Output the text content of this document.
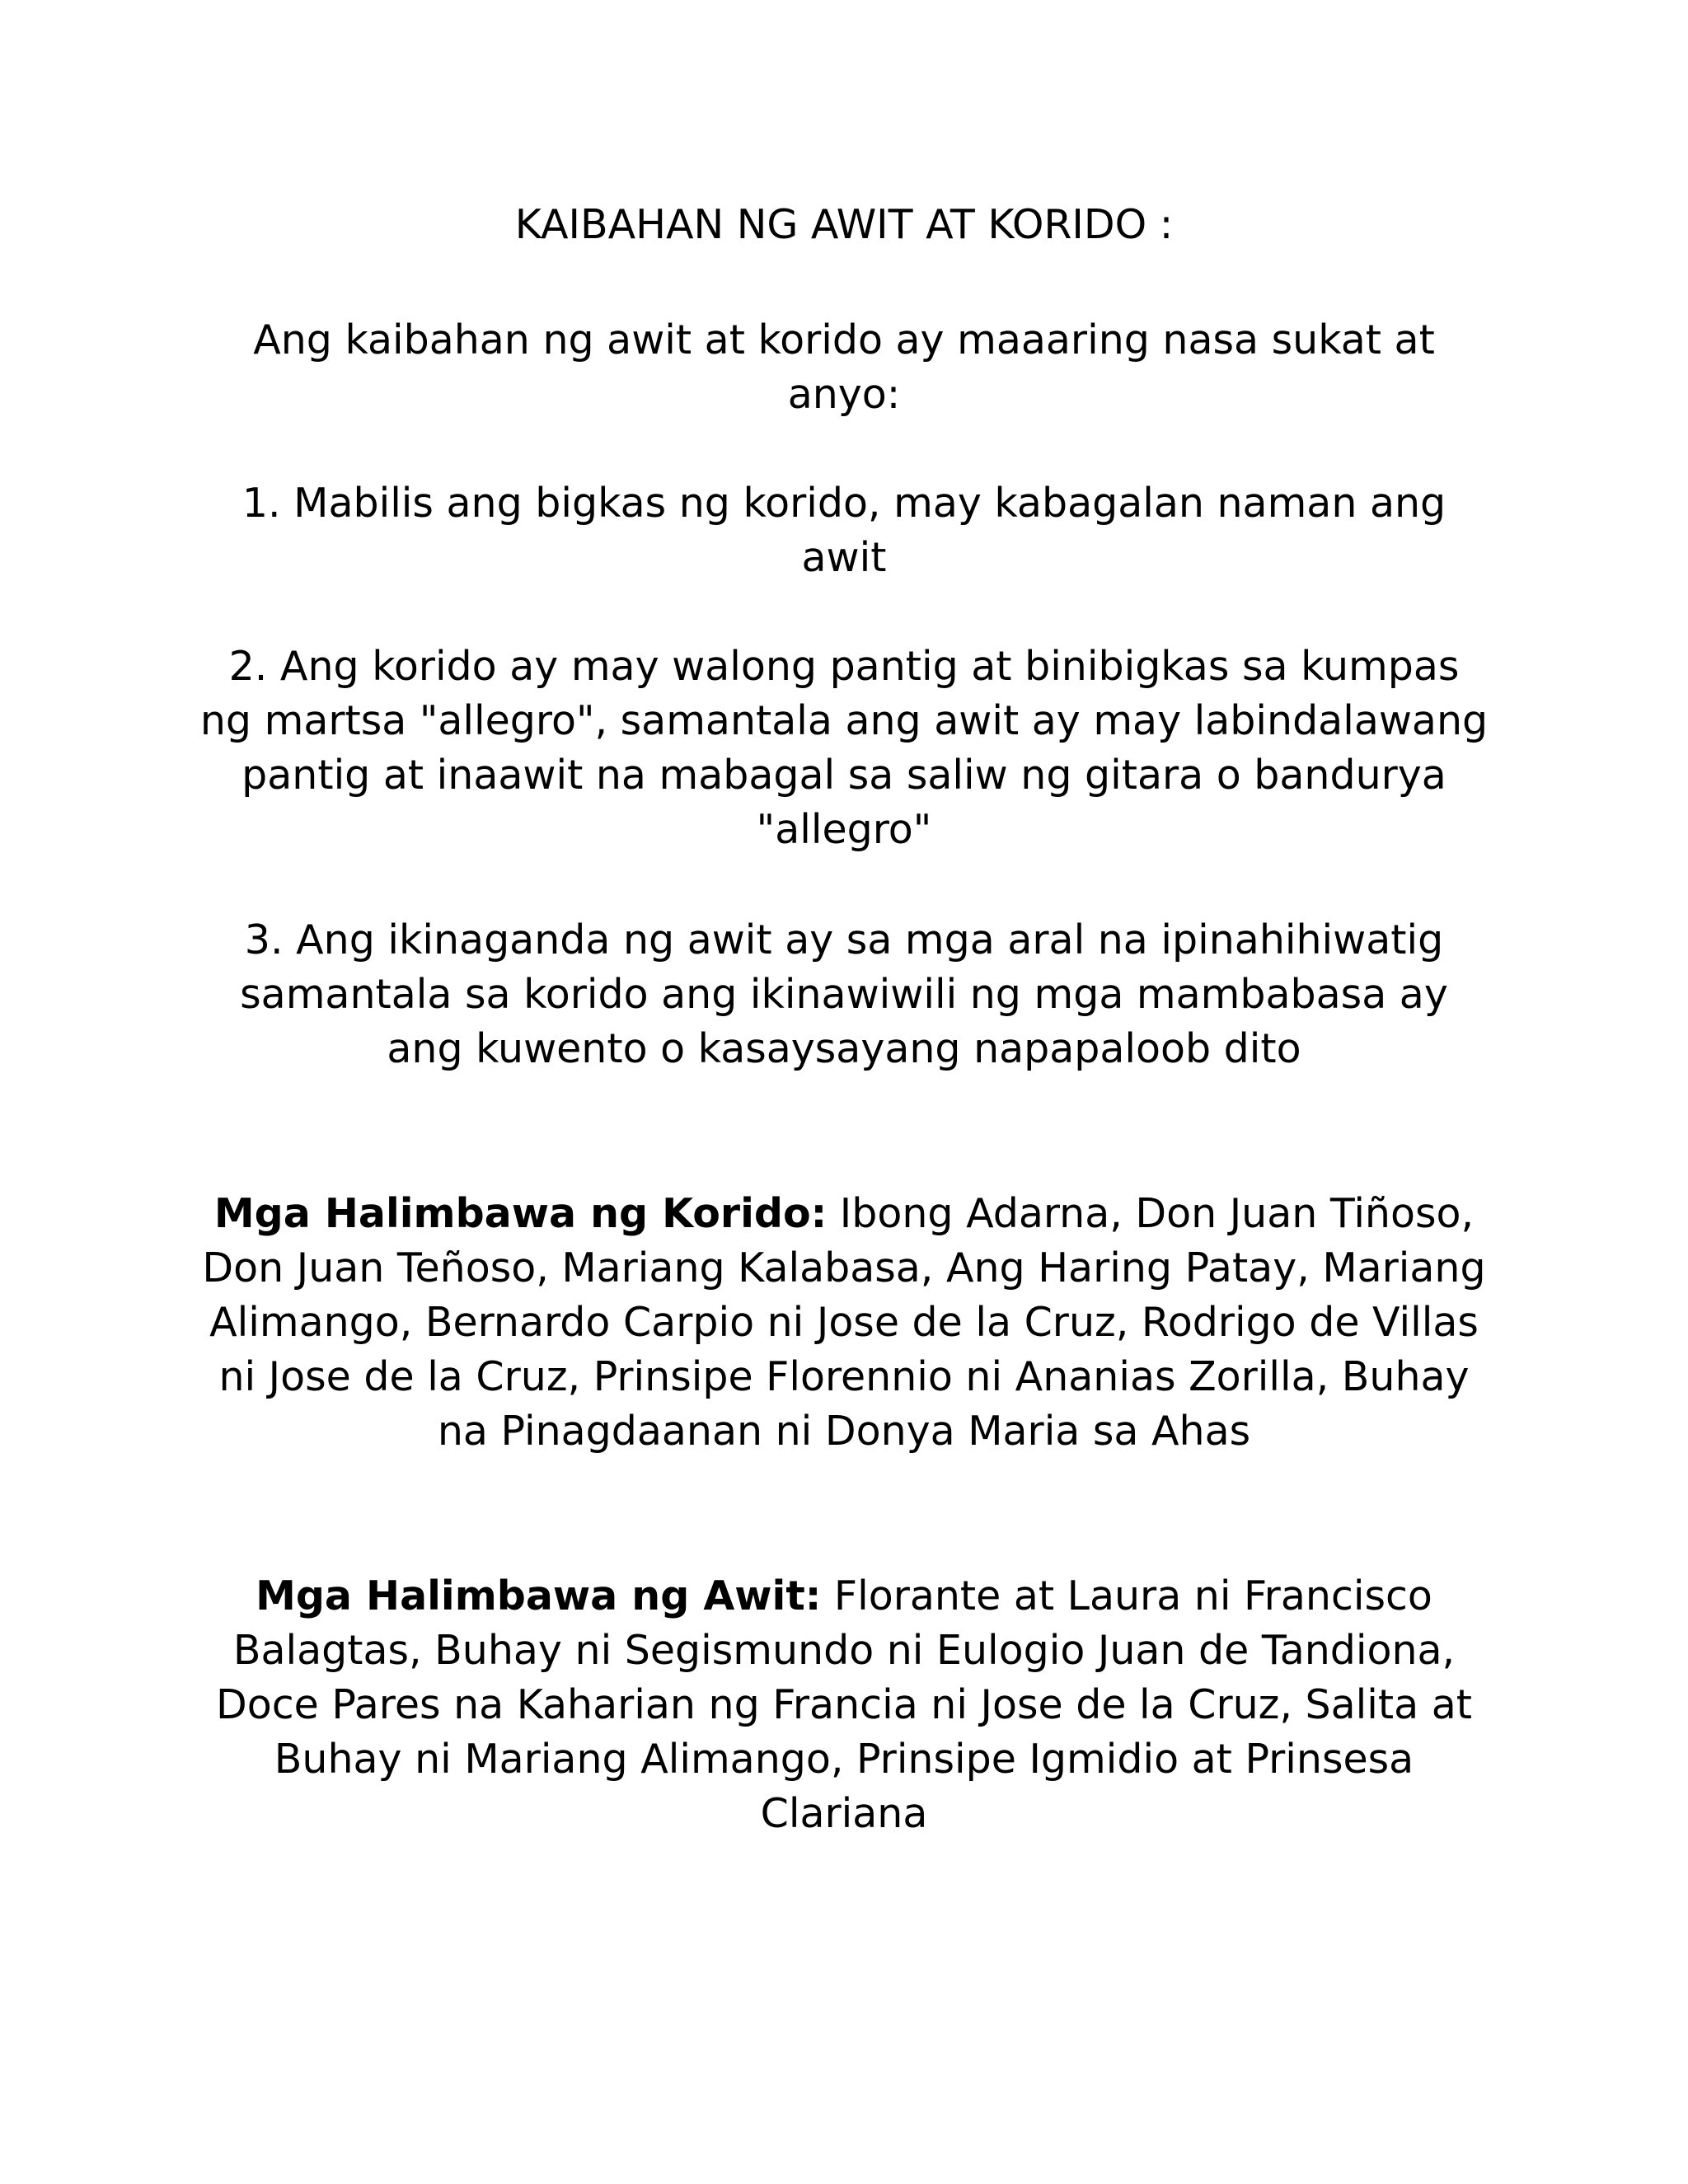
KAIBAHAN NG AWIT AT KORIDO :

Ang kaibahan ng awit at korido ay maaaring nasa sukat at anyo:

1. Mabilis ang bigkas ng korido, may kabagalan naman ang awit

2. Ang korido ay may walong pantig at binibigkas sa kumpas ng martsa "allegro", samantala ang awit ay may labindalawang pantig at inaawit na mabagal sa saliw ng gitara o bandurya "allegro"

3. Ang ikinaganda ng awit ay sa mga aral na ipinahihiwatig samantala sa korido ang ikinawiwili ng mga mambabasa ay ang kuwento o kasaysayang napapaloob dito

Mga Halimbawa ng Korido: Ibong Adarna, Don Juan Tiñoso, Don Juan Teñoso, Mariang Kalabasa, Ang Haring Patay, Mariang Alimango, Bernardo Carpio ni Jose de la Cruz, Rodrigo de Villas ni Jose de la Cruz, Prinsipe Florennio ni Ananias Zorilla, Buhay na Pinagdaanan ni Donya Maria sa Ahas

Mga Halimbawa ng Awit: Florante at Laura ni Francisco Balagtas, Buhay ni Segismundo ni Eulogio Juan de Tandiona, Doce Pares na Kaharian ng Francia ni Jose de la Cruz, Salita at Buhay ni Mariang Alimango, Prinsipe Igmidio at Prinsesa Clariana
